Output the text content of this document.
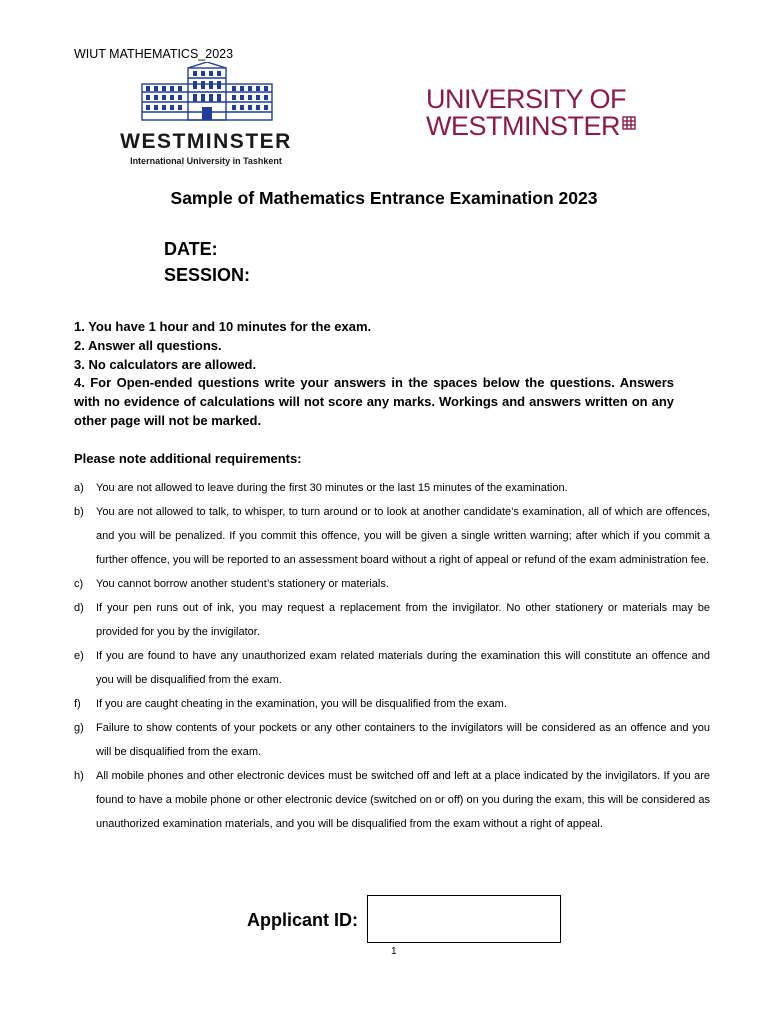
WIUT MATHEMATICS_2023
WESTMINSTER
International University in Tashkent
UNIVERSITY OF
WESTMINSTER
Sample of Mathematics Entrance Examination 2023
DATE:
SESSION:

1. You have 1 hour and 10 minutes for the exam.

2. Answer all questions.

3. No calculators are allowed.

4. For Open-ended questions write your answers in the spaces below the questions. Answers with no evidence of calculations will not score any marks. Workings and answers written on any other page will not be marked.

Please note additional requirements:
a)	You are not allowed to leave during the first 30 minutes or the last 15 minutes of the examination.
b)	You are not allowed to talk, to whisper, to turn around or to look at another candidate’s examination, all of which are offences, and you will be penalized. If you commit this offence, you will be given a single written warning; after which if you commit a further offence, you will be reported to an assessment board without a right of appeal or refund of the exam administration fee.
c)	You cannot borrow another student’s stationery or materials.
d)	If your pen runs out of ink, you may request a replacement from the invigilator. No other stationery or materials may be provided for you by the invigilator.
e)	If you are found to have any unauthorized exam related materials during the examination this will constitute an offence and you will be disqualified from the exam.
f)	If you are caught cheating in the examination, you will be disqualified from the exam.
g)	Failure to show contents of your pockets or any other containers to the invigilators will be considered as an offence and you will be disqualified from the exam.
h)	All mobile phones and other electronic devices must be switched off and left at a place indicated by the invigilators. If you are found to have a mobile phone or other electronic device (switched on or off) on you during the exam, this will be considered as unauthorized examination materials, and you will be disqualified from the exam without a right of appeal.
Applicant ID:
1
